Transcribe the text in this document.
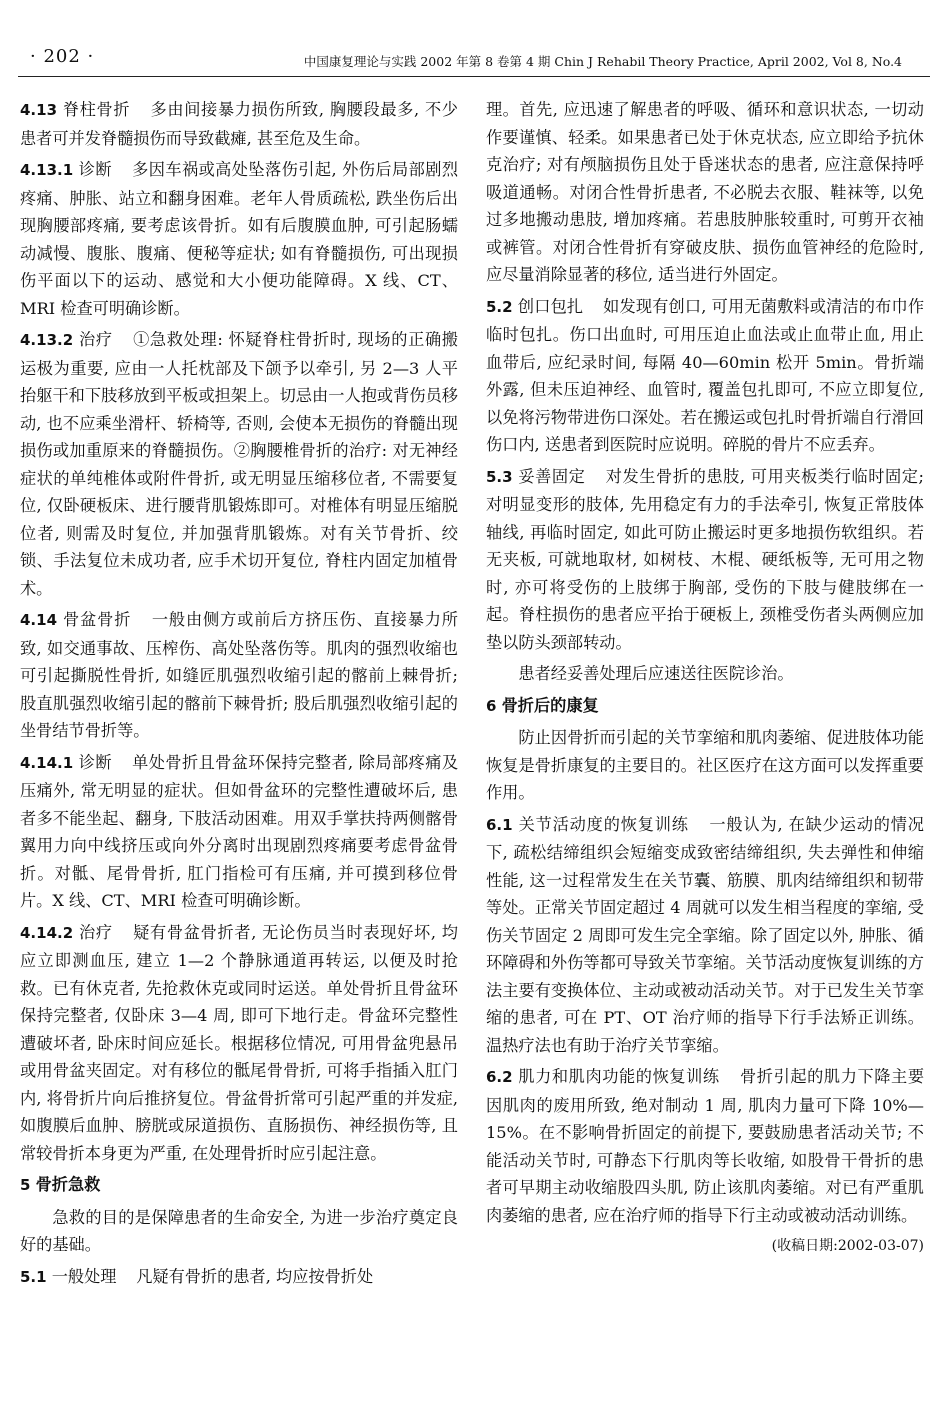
· 202 ·	中国康复理论与实践 2002 年第 8 卷第 4 期 Chin J Rehabil Theory Practice, April 2002, Vol 8, No.4

4.13 脊柱骨折 多由间接暴力损伤所致, 胸腰段最多, 不少患者可并发脊髓损伤而导致截瘫, 甚至危及生命。

4.13.1 诊断 多因车祸或高处坠落伤引起, 外伤后局部剧烈疼痛、肿胀、站立和翻身困难。老年人骨质疏松, 跌坐伤后出现胸腰部疼痛, 要考虑该骨折。如有后腹膜血肿, 可引起肠蠕动减慢、腹胀、腹痛、便秘等症状; 如有脊髓损伤, 可出现损伤平面以下的运动、感觉和大小便功能障碍。X 线、CT、MRI 检查可明确诊断。

4.13.2 治疗 ①急救处理: 怀疑脊柱骨折时, 现场的正确搬运极为重要, 应由一人托枕部及下颌予以牵引, 另 2—3 人平抬躯干和下肢移放到平板或担架上。切忌由一人抱或背伤员移动, 也不应乘坐滑杆、轿椅等, 否则, 会使本无损伤的脊髓出现损伤或加重原来的脊髓损伤。②胸腰椎骨折的治疗: 对无神经症状的单纯椎体或附件骨折, 或无明显压缩移位者, 不需要复位, 仅卧硬板床、进行腰背肌锻炼即可。对椎体有明显压缩脱位者, 则需及时复位, 并加强背肌锻炼。对有关节骨折、绞锁、手法复位未成功者, 应手术切开复位, 脊柱内固定加植骨术。

4.14 骨盆骨折 一般由侧方或前后方挤压伤、直接暴力所致, 如交通事故、压榨伤、高处坠落伤等。肌肉的强烈收缩也可引起撕脱性骨折, 如缝匠肌强烈收缩引起的髂前上棘骨折; 股直肌强烈收缩引起的髂前下棘骨折; 股后肌强烈收缩引起的坐骨结节骨折等。

4.14.1 诊断 单处骨折且骨盆环保持完整者, 除局部疼痛及压痛外, 常无明显的症状。但如骨盆环的完整性遭破坏后, 患者多不能坐起、翻身, 下肢活动困难。用双手掌扶持两侧髂骨翼用力向中线挤压或向外分离时出现剧烈疼痛要考虑骨盆骨折。对骶、尾骨骨折, 肛门指检可有压痛, 并可摸到移位骨片。X 线、CT、MRI 检查可明确诊断。

4.14.2 治疗 疑有骨盆骨折者, 无论伤员当时表现好坏, 均应立即测血压, 建立 1—2 个静脉通道再转运, 以便及时抢救。已有休克者, 先抢救休克或同时运送。单处骨折且骨盆环保持完整者, 仅卧床 3—4 周, 即可下地行走。骨盆环完整性遭破坏者, 卧床时间应延长。根据移位情况, 可用骨盆兜悬吊或用骨盆夹固定。对有移位的骶尾骨骨折, 可将手指插入肛门内, 将骨折片向后推挤复位。骨盆骨折常可引起严重的并发症, 如腹膜后血肿、膀胱或尿道损伤、直肠损伤、神经损伤等, 且常较骨折本身更为严重, 在处理骨折时应引起注意。

5 骨折急救

急救的目的是保障患者的生命安全, 为进一步治疗奠定良好的基础。

5.1 一般处理 凡疑有骨折的患者, 均应按骨折处

理。首先, 应迅速了解患者的呼吸、循环和意识状态, 一切动作要谨慎、轻柔。如果患者已处于休克状态, 应立即给予抗休克治疗; 对有颅脑损伤且处于昏迷状态的患者, 应注意保持呼吸道通畅。对闭合性骨折患者, 不必脱去衣服、鞋袜等, 以免过多地搬动患肢, 增加疼痛。若患肢肿胀较重时, 可剪开衣袖或裤管。对闭合性骨折有穿破皮肤、损伤血管神经的危险时, 应尽量消除显著的移位, 适当进行外固定。

5.2 创口包扎 如发现有创口, 可用无菌敷料或清洁的布巾作临时包扎。伤口出血时, 可用压迫止血法或止血带止血, 用止血带后, 应纪录时间, 每隔 40—60min 松开 5min。骨折端外露, 但未压迫神经、血管时, 覆盖包扎即可, 不应立即复位, 以免将污物带进伤口深处。若在搬运或包扎时骨折端自行滑回伤口内, 送患者到医院时应说明。碎脱的骨片不应丢弃。

5.3 妥善固定 对发生骨折的患肢, 可用夹板类行临时固定; 对明显变形的肢体, 先用稳定有力的手法牵引, 恢复正常肢体轴线, 再临时固定, 如此可防止搬运时更多地损伤软组织。若无夹板, 可就地取材, 如树枝、木棍、硬纸板等, 无可用之物时, 亦可将受伤的上肢绑于胸部, 受伤的下肢与健肢绑在一起。脊柱损伤的患者应平抬于硬板上, 颈椎受伤者头两侧应加垫以防头颈部转动。

患者经妥善处理后应速送往医院诊治。

6 骨折后的康复

防止因骨折而引起的关节挛缩和肌肉萎缩、促进肢体功能恢复是骨折康复的主要目的。社区医疗在这方面可以发挥重要作用。

6.1 关节活动度的恢复训练 一般认为, 在缺少运动的情况下, 疏松结缔组织会短缩变成致密结缔组织, 失去弹性和伸缩性能, 这一过程常发生在关节囊、筋膜、肌肉结缔组织和韧带等处。正常关节固定超过 4 周就可以发生相当程度的挛缩, 受伤关节固定 2 周即可发生完全挛缩。除了固定以外, 肿胀、循环障碍和外伤等都可导致关节挛缩。关节活动度恢复训练的方法主要有变换体位、主动或被动活动关节。对于已发生关节挛缩的患者, 可在 PT、OT 治疗师的指导下行手法矫正训练。温热疗法也有助于治疗关节挛缩。

6.2 肌力和肌肉功能的恢复训练 骨折引起的肌力下降主要因肌肉的废用所致, 绝对制动 1 周, 肌肉力量可下降 10%—15%。在不影响骨折固定的前提下, 要鼓励患者活动关节; 不能活动关节时, 可静态下行肌肉等长收缩, 如股骨干骨折的患者可早期主动收缩股四头肌, 防止该肌肉萎缩。对已有严重肌肉萎缩的患者, 应在治疗师的指导下行主动或被动活动训练。

(收稿日期:2002-03-07)
